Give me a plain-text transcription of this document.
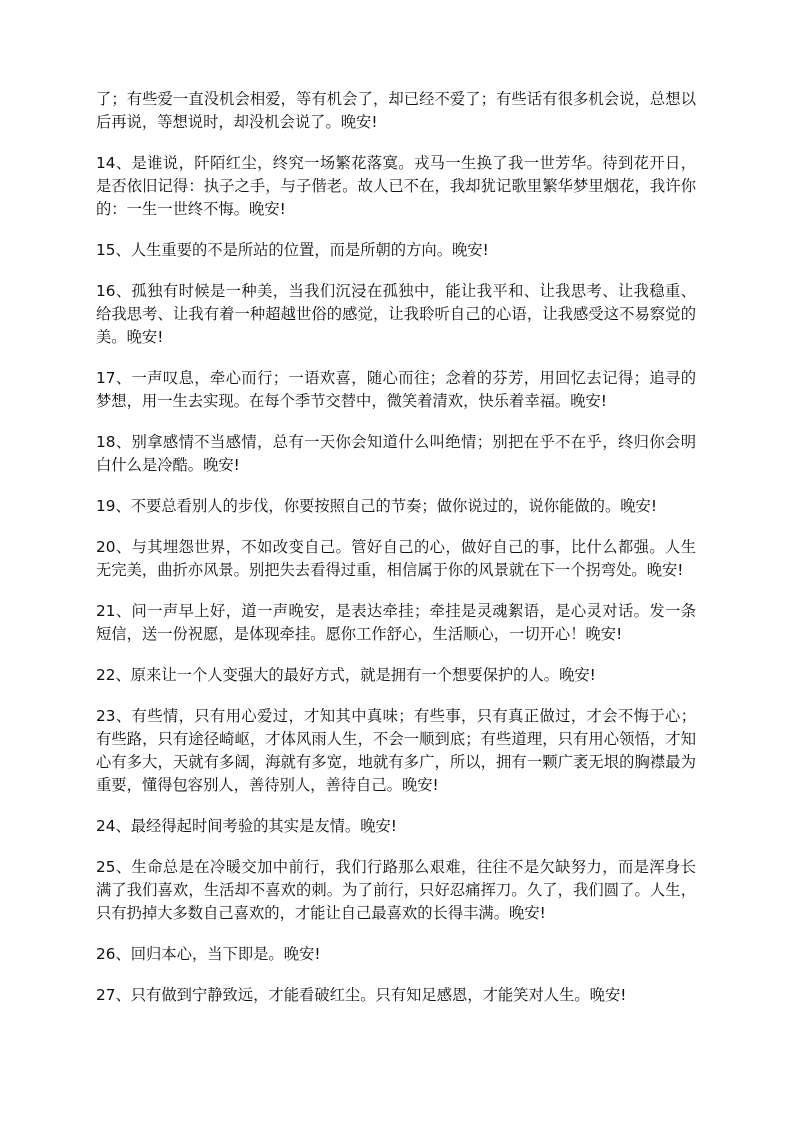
了；有些爱一直没机会相爱，等有机会了，却已经不爱了；有些话有很多机会说，总想以后再说，等想说时，却没机会说了。晚安!

14、是谁说，阡陌红尘，终究一场繁花落寞。戎马一生换了我一世芳华。待到花开日，是否依旧记得：执子之手，与子偕老。故人已不在，我却犹记歌里繁华梦里烟花，我许你的：一生一世终不悔。晚安!

15、人生重要的不是所站的位置，而是所朝的方向。晚安!

16、孤独有时候是一种美，当我们沉浸在孤独中，能让我平和、让我思考、让我稳重、给我思考、让我有着一种超越世俗的感觉，让我聆听自己的心语，让我感受这不易察觉的美。晚安!

17、一声叹息，牵心而行；一语欢喜，随心而往；念着的芬芳，用回忆去记得；追寻的梦想，用一生去实现。在每个季节交替中，微笑着清欢，快乐着幸福。晚安!

18、别拿感情不当感情，总有一天你会知道什么叫绝情；别把在乎不在乎，终归你会明白什么是冷酷。晚安!

19、不要总看别人的步伐，你要按照自己的节奏；做你说过的，说你能做的。晚安!

20、与其埋怨世界，不如改变自己。管好自己的心，做好自己的事，比什么都强。人生无完美，曲折亦风景。别把失去看得过重，相信属于你的风景就在下一个拐弯处。晚安!

21、问一声早上好，道一声晚安，是表达牵挂；牵挂是灵魂絮语，是心灵对话。发一条短信，送一份祝愿，是体现牵挂。愿你工作舒心，生活顺心，一切开心！晚安!

22、原来让一个人变强大的最好方式，就是拥有一个想要保护的人。晚安!

23、有些情，只有用心爱过，才知其中真味；有些事，只有真正做过，才会不悔于心；有些路，只有途径崎岖，才体风雨人生，不会一顺到底；有些道理，只有用心领悟，才知心有多大，天就有多阔，海就有多宽，地就有多广，所以，拥有一颗广袤无垠的胸襟最为重要，懂得包容别人，善待别人，善待自己。晚安!

24、最经得起时间考验的其实是友情。晚安!

25、生命总是在冷暖交加中前行，我们行路那么艰难，往往不是欠缺努力，而是浑身长满了我们喜欢，生活却不喜欢的刺。为了前行，只好忍痛挥刀。久了，我们圆了。人生，只有扔掉大多数自己喜欢的，才能让自己最喜欢的长得丰满。晚安!

26、回归本心，当下即是。晚安!

27、只有做到宁静致远，才能看破红尘。只有知足感恩，才能笑对人生。晚安!
